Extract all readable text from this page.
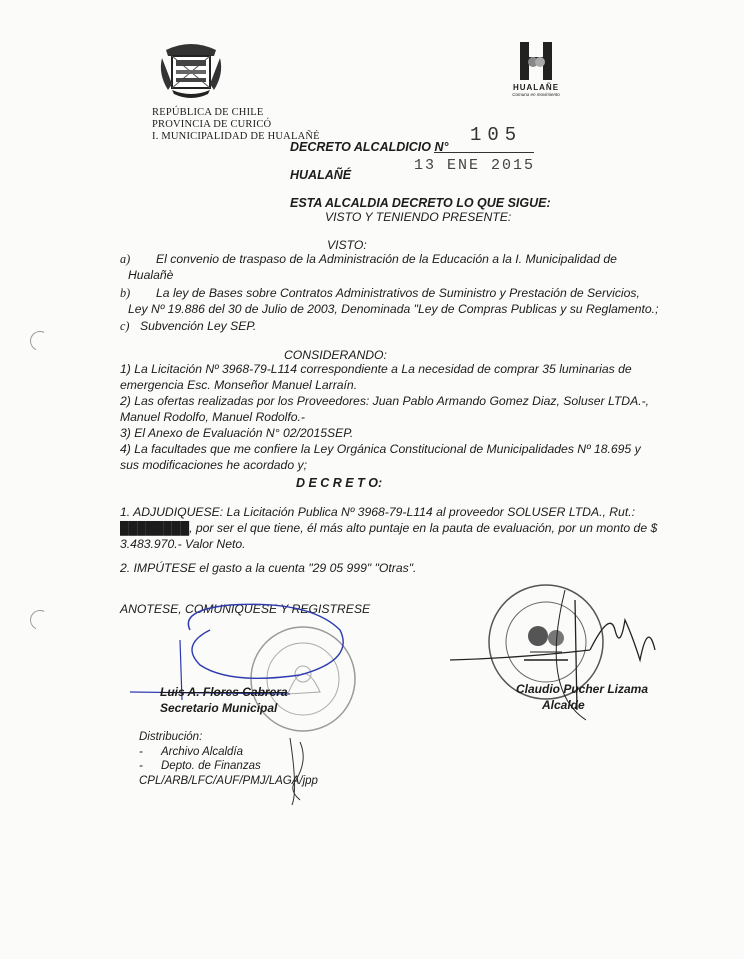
HUALAÑE
Comuna en movimiento
REPÚBLICA DE CHILE
PROVINCIA DE CURICÓ
I. MUNICIPALIDAD DE HUALAÑÉ
DECRETO ALCALDICIO N°
105
HUALAÑÉ
13 ENE 2015
ESTA ALCALDIA DECRETO LO QUE SIGUE:
VISTO Y TENIENDO PRESENTE:
VISTO:
a)	El convenio de traspaso de la Administración de la Educación a la I. Municipalidad de Hualañè
b)	La ley de Bases sobre Contratos Administrativos de Suministro y Prestación de Servicios, Ley Nº 19.886 del 30 de Julio de 2003, Denominada "Ley de Compras Publicas y su Reglamento.;
c) Subvención Ley SEP.
CONSIDERANDO:
1) La Licitación Nº 3968-79-L114 correspondiente a La necesidad de comprar 35 luminarias de emergencia Esc. Monseñor Manuel Larraín.
2) Las ofertas realizadas por los Proveedores: Juan Pablo Armando Gomez Diaz, Soluser LTDA.-, Manuel Rodolfo, Manuel Rodolfo.-
3) El Anexo de Evaluación N° 02/2015SEP.
4) La facultades que me confiere la Ley Orgánica Constitucional de Municipalidades Nº 18.695 y sus modificaciones he acordado y;
D E C R E T O:
1. ADJUDIQUESE: La Licitación Publica Nº 3968-79-L114 al proveedor SOLUSER LTDA., Rut.: ████████, por ser el que tiene, él más alto puntaje en la pauta de evaluación, por un monto de $ 3.483.970.- Valor Neto.
2. IMPÚTESE el gasto a la cuenta "29 05 999" "Otras".
ANOTESE, COMUNIQUESE Y REGISTRESE
Luis A. Flores Cabrera
Secretario Municipal
Claudio Pucher Lizama
Alcalde
Distribución:
- Archivo Alcaldía
- Depto. de Finanzas
CPL/ARB/LFC/AUF/PMJ/LAGA/jpp
